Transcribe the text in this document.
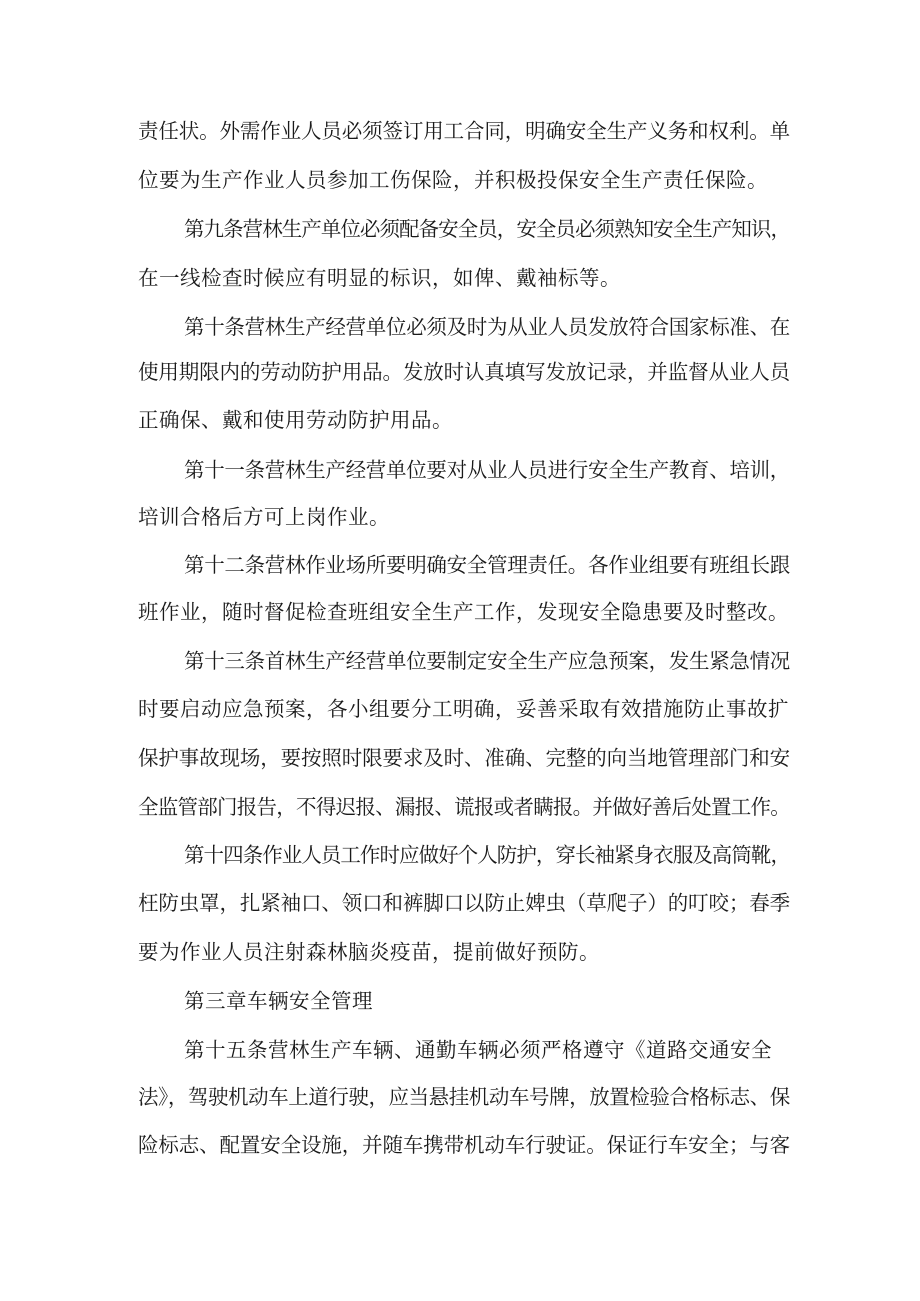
责任状。外需作业人员必须签订用工合同，明确安全生产义务和权利。单
位要为生产作业人员参加工伤保险，并积极投保安全生产责任保险。
第九条营林生产单位必须配备安全员，安全员必须熟知安全生产知识，
在一线检查时候应有明显的标识，如俾、戴袖标等。
第十条营林生产经营单位必须及时为从业人员发放符合国家标准、在
使用期限内的劳动防护用品。发放时认真填写发放记录，并监督从业人员
正确保、戴和使用劳动防护用品。
第十一条营林生产经营单位要对从业人员进行安全生产教育、培训，
培训合格后方可上岗作业。
第十二条营林作业场所要明确安全管理责任。各作业组要有班组长跟
班作业，随时督促检查班组安全生产工作，发现安全隐患要及时整改。
第十三条首林生产经营单位要制定安全生产应急预案，发生紧急情况
时要启动应急预案，各小组要分工明确，妥善采取有效措施防止事故扩
保护事故现场，要按照时限要求及时、准确、完整的向当地管理部门和安
全监管部门报告，不得迟报、漏报、谎报或者瞒报。并做好善后处置工作。
第十四条作业人员工作时应做好个人防护，穿长袖紧身衣服及高筒靴，
枉防虫罩，扎紧袖口、领口和裤脚口以防止婢虫（草爬子）的叮咬；春季
要为作业人员注射森林脑炎疫苗，提前做好预防。
第三章车辆安全管理
第十五条营林生产车辆、通勤车辆必须严格遵守《道路交通安全
法》，驾驶机动车上道行驶，应当悬挂机动车号牌，放置检验合格标志、保
险标志、配置安全设施，并随车携带机动车行驶证。保证行车安全；与客
